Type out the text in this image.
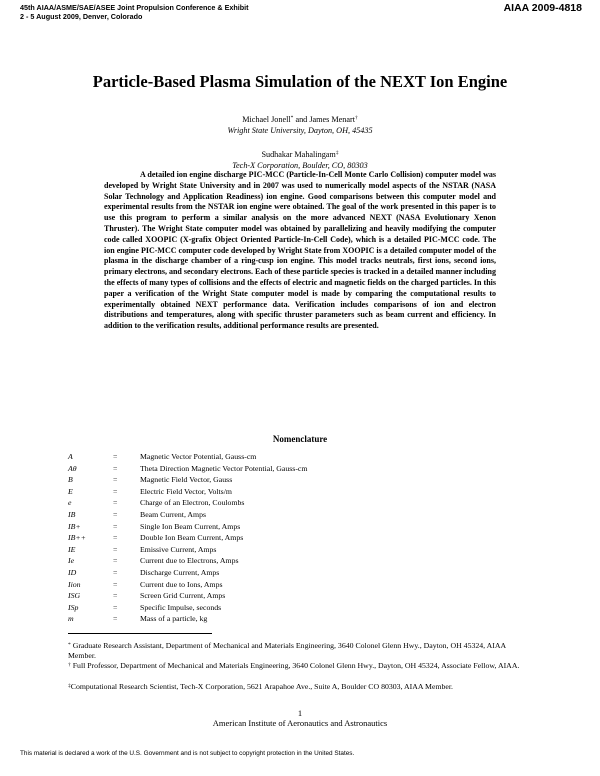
45th AIAA/ASME/SAE/ASEE Joint Propulsion Conference & Exhibit
2 - 5 August 2009, Denver, Colorado
AIAA 2009-4818
Particle-Based Plasma Simulation of the NEXT Ion Engine
Michael Jonell* and James Menart†
Wright State University, Dayton, OH, 45435
Sudhakar Mahalingam‡
Tech-X Corporation, Boulder, CO, 80303

A detailed ion engine discharge PIC-MCC (Particle-In-Cell Monte Carlo Collision) computer model was developed by Wright State University and in 2007 was used to numerically model aspects of the NSTAR (NASA Solar Technology and Application Readiness) ion engine. Good comparisons between this computer model and experimental results from the NSTAR ion engine were obtained. The goal of the work presented in this paper is to use this program to perform a similar analysis on the more advanced NEXT (NASA Evolutionary Xenon Thruster). The Wright State computer model was obtained by parallelizing and heavily modifying the computer code called XOOPIC (X-grafix Object Oriented Particle-In-Cell Code), which is a detailed PIC-MCC code. The ion engine PIC-MCC computer code developed by Wright State from XOOPIC is a detailed computer model of the plasma in the discharge chamber of a ring-cusp ion engine. This model tracks neutrals, first ions, second ions, primary electrons, and secondary electrons. Each of these particle species is tracked in a detailed manner including the effects of many types of collisions and the effects of electric and magnetic fields on the charged particles. In this paper a verification of the Wright State computer model is made by comparing the computational results to experimentally obtained NEXT performance data. Verification includes comparisons of ion and electron distributions and temperatures, along with specific thruster parameters such as beam current and efficiency. In addition to the verification results, additional performance results are presented.

Nomenclature
A⃗	=	Magnetic Vector Potential, Gauss-cm
Aθ	=	Theta Direction Magnetic Vector Potential, Gauss-cm
B⃗	=	Magnetic Field Vector, Gauss
E⃗	=	Electric Field Vector, Volts/m
e	=	Charge of an Electron, Coulombs
IB	=	Beam Current, Amps
IB+	=	Single Ion Beam Current, Amps
IB++	=	Double Ion Beam Current, Amps
IE	=	Emissive Current, Amps
Ie	=	Current due to Electrons, Amps
ID	=	Discharge Current, Amps
Iion	=	Current due to Ions, Amps
ISG	=	Screen Grid Current, Amps
ISp	=	Specific Impulse, seconds
m	=	Mass of a particle, kg
* Graduate Research Assistant, Department of Mechanical and Materials Engineering, 3640 Colonel Glenn Hwy., Dayton, OH 45324, AIAA Member.
† Full Professor, Department of Mechanical and Materials Engineering, 3640 Colonel Glenn Hwy., Dayton, OH 45324, Associate Fellow, AIAA.
‡Computational Research Scientist, Tech-X Corporation, 5621 Arapahoe Ave., Suite A, Boulder CO 80303, AIAA Member.
1
American Institute of Aeronautics and Astronautics
This material is declared a work of the U.S. Government and is not subject to copyright protection in the United States.
